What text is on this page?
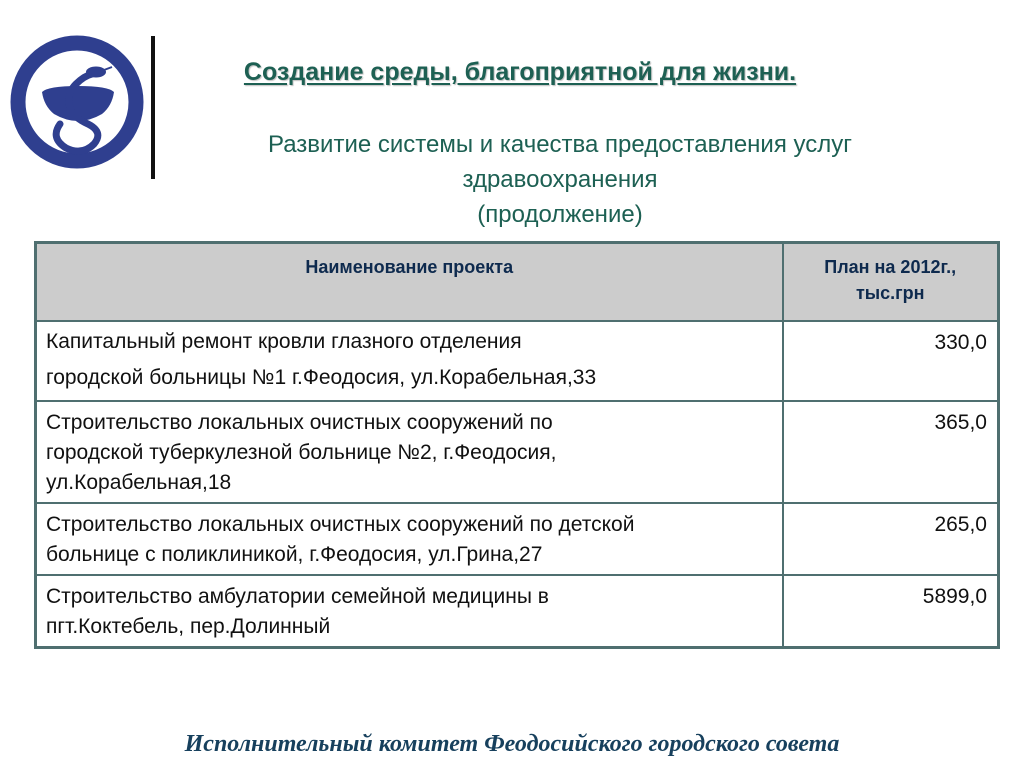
Создание среды, благоприятной для жизни.
Развитие системы и качества предоставления услуг
здравоохранения
(продолжение)
Наименование проекта	План на 2012г., тыс.грн

Капитальный ремонт кровли глазного отделения
городской больницы №1 г.Феодосия, ул.Корабельная,33	330,0

Строительство локальных очистных сооружений по
городской туберкулезной больнице №2, г.Феодосия,
ул.Корабельная,18	365,0

Строительство локальных очистных сооружений по детской
больнице с поликлиникой, г.Феодосия, ул.Грина,27	265,0

Строительство амбулатории семейной медицины в
пгт.Коктебель, пер.Долинный	5899,0
Исполнительный комитет Феодосийского городского совета
